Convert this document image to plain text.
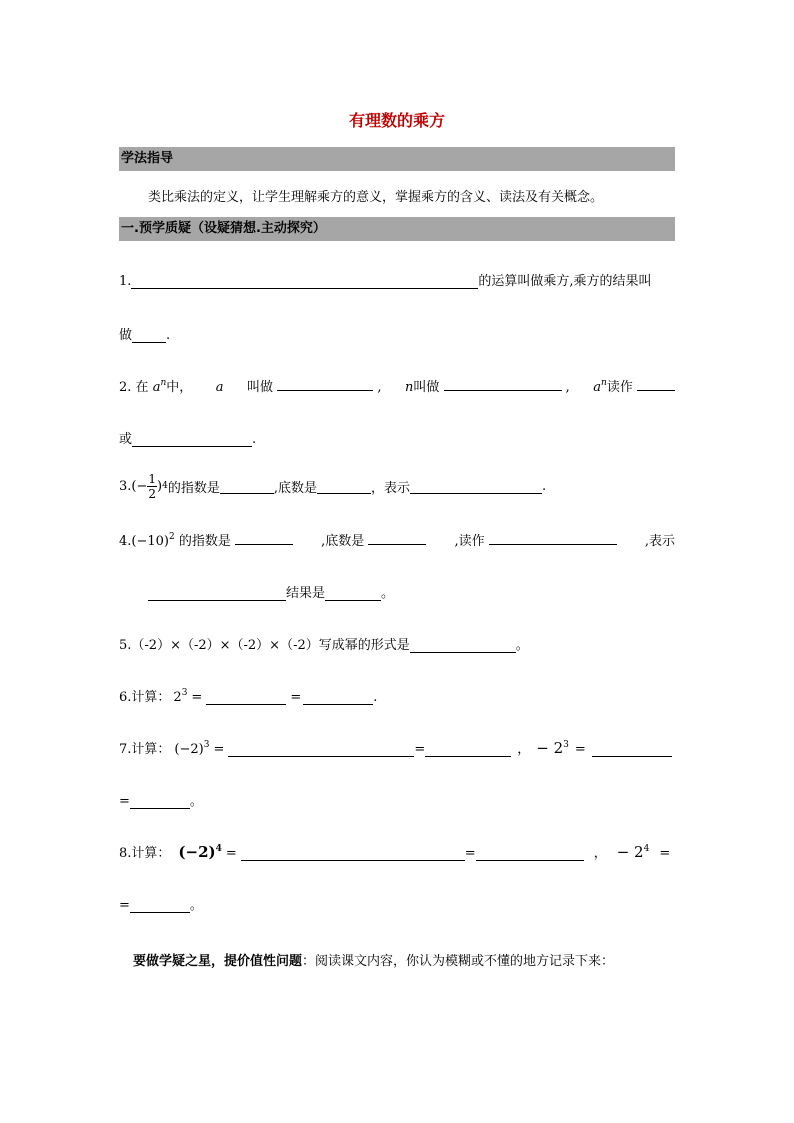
有理数的乘方
学法指导
类比乘法的定义，让学生理解乘方的意义，掌握乘方的含义、读法及有关概念。
一.预学质疑（设疑猜想.主动探究）
1.	的运算叫做乘方,乘方的结果叫
做	.
2. 在 $a^n$中， a 叫做	, n叫做	, $a^n$读作
或	.
3. (− $\frac{1}{2}$ ) 4 的指数是	,底数是	，表示	.
$4.(-10)^2$ 的指数是	,底数是	,读作	,表示
结果是	。
5.（-2）×（-2）×（-2）×（-2）写成幂的形式是	。
6.计算： $2^3$ =	=	.
7.计算： $(-2)^3$ =	=	， − $2^3$ =
=	。
8.计算： $(-2)^4$ =	=	， − $2^4$ =
=	。
要做学疑之星，提价值性问题 ：阅读课文内容，你认为模糊或不懂的地方记录下来：
